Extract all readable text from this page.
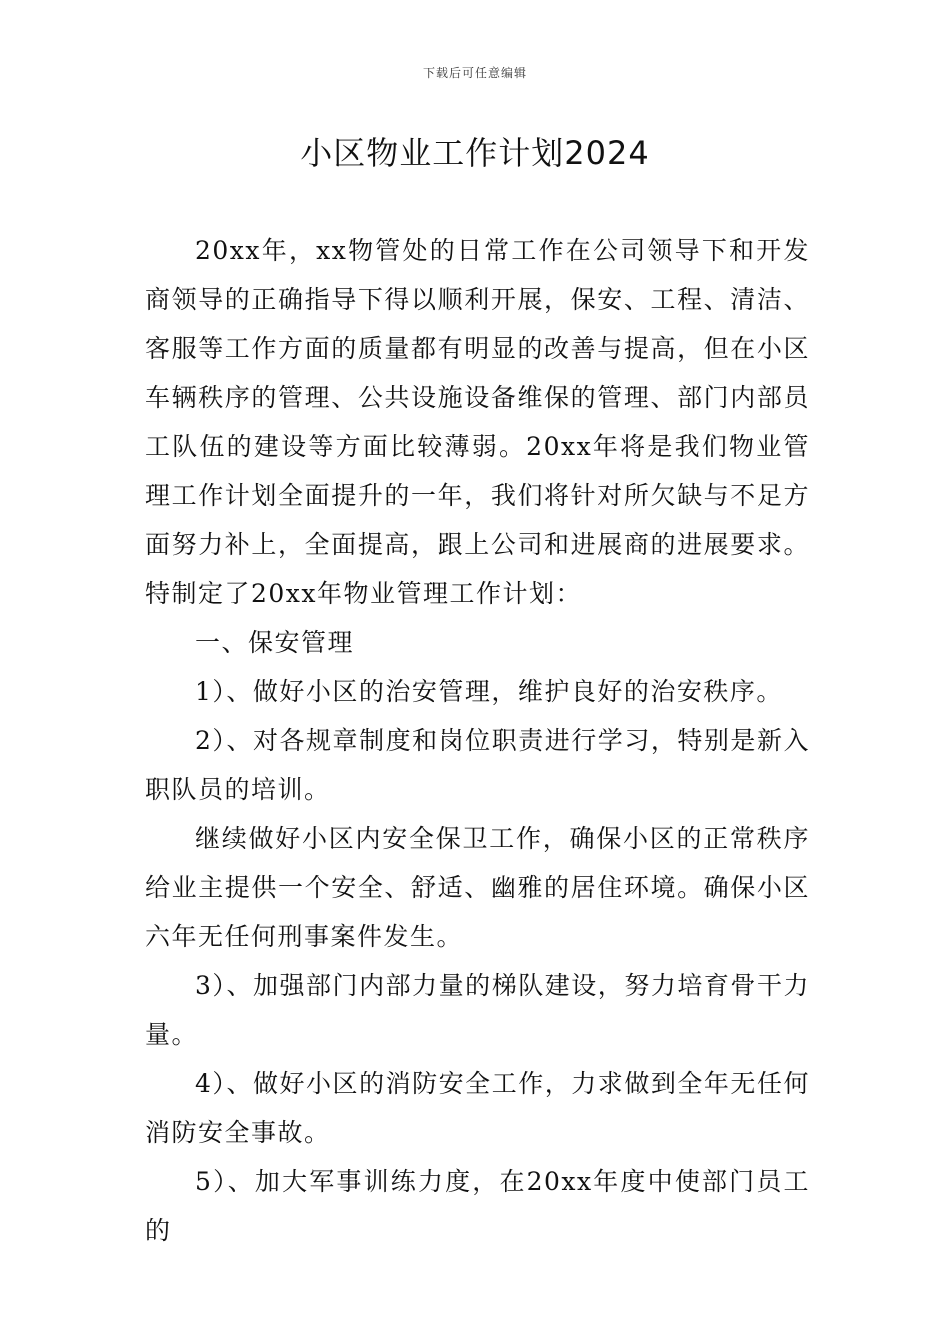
下载后可任意编辑
小区物业工作计划2024

20xx年，xx物管处的日常工作在公司领导下和开发商领导的正确指导下得以顺利开展，保安、工程、清洁、客服等工作方面的质量都有明显的改善与提高，但在小区车辆秩序的管理、公共设施设备维保的管理、部门内部员工队伍的建设等方面比较薄弱。20xx年将是我们物业管理工作计划全面提升的一年，我们将针对所欠缺与不足方面努力补上，全面提高，跟上公司和进展商的进展要求。特制定了20xx年物业管理工作计划：

一、保安管理

1）、做好小区的治安管理，维护良好的治安秩序。

2）、对各规章制度和岗位职责进行学习，特别是新入职队员的培训。

继续做好小区内安全保卫工作，确保小区的正常秩序给业主提供一个安全、舒适、幽雅的居住环境。确保小区六年无任何刑事案件发生。

3）、加强部门内部力量的梯队建设，努力培育骨干力量。

4）、做好小区的消防安全工作，力求做到全年无任何消防安全事故。

5）、加大军事训练力度，在20xx年度中使部门员工的
